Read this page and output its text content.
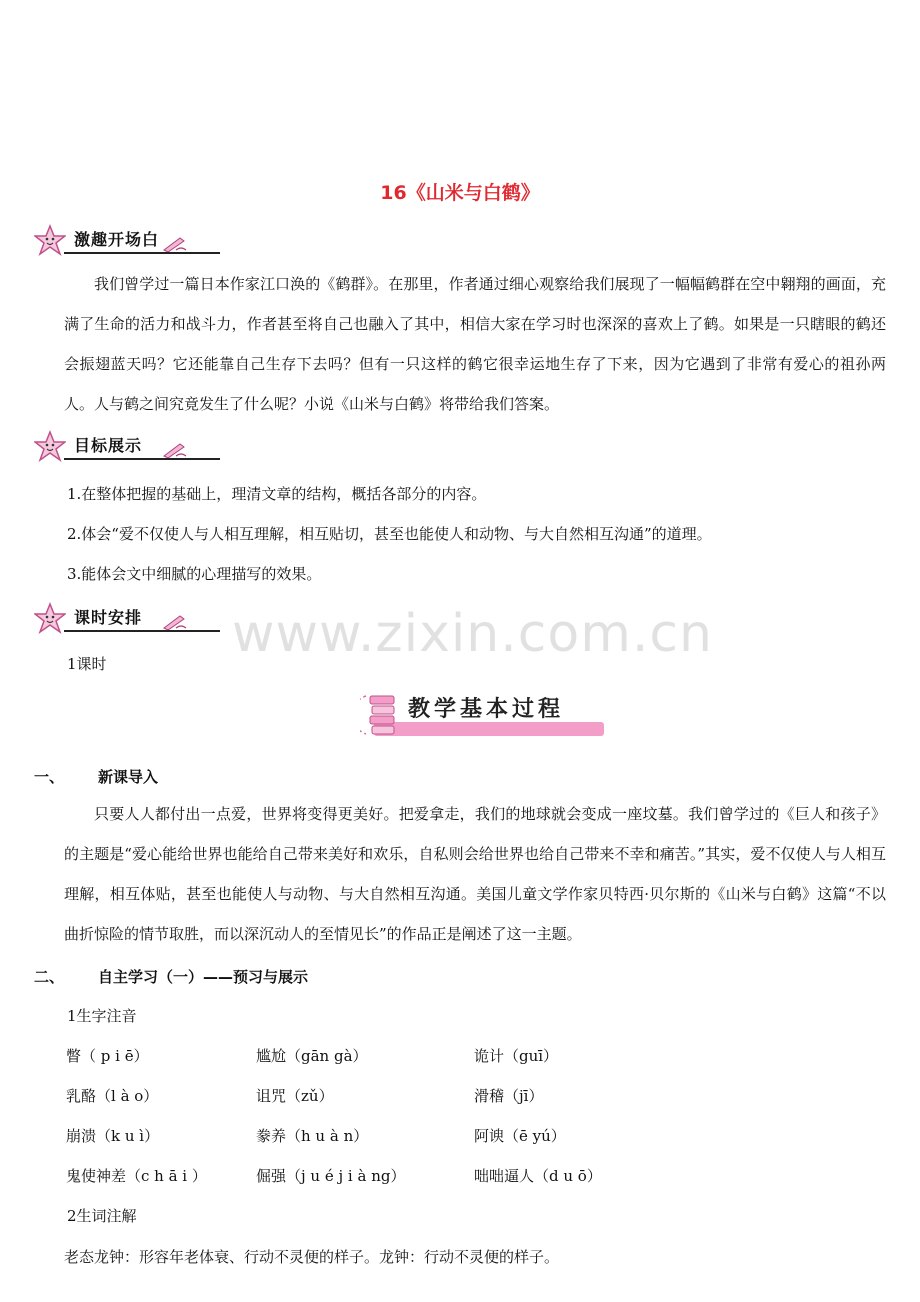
www.zixin.com.cn
16《山米与白鹤》
激趣开场白
我们曾学过一篇日本作家江口涣的《鹤群》。在那里，作者通过细心观察给我们展现了一幅幅鹤群在空中翱翔的画面，充满了生命的活力和战斗力，作者甚至将自己也融入了其中，相信大家在学习时也深深的喜欢上了鹤。如果是一只瞎眼的鹤还会振翅蓝天吗？它还能靠自己生存下去吗？但有一只这样的鹤它很幸运地生存了下来，因为它遇到了非常有爱心的祖孙两人。人与鹤之间究竟发生了什么呢？小说《山米与白鹤》将带给我们答案。
目标展示
1.在整体把握的基础上，理清文章的结构，概括各部分的内容。
2.体会“爱不仅使人与人相互理解，相互贴切，甚至也能使人和动物、与大自然相互沟通”的道理。
3.能体会文中细腻的心理描写的效果。
课时安排
1课时
教学基本过程
一、 新课导入
只要人人都付出一点爱，世界将变得更美好。把爱拿走，我们的地球就会变成一座坟墓。我们曾学过的《巨人和孩子》的主题是“爱心能给世界也能给自己带来美好和欢乐，自私则会给世界也给自己带来不幸和痛苦。”其实，爱不仅使人与人相互理解，相互体贴，甚至也能使人与动物、与大自然相互沟通。美国儿童文学作家贝特西·贝尔斯的《山米与白鹤》这篇“不以曲折惊险的情节取胜，而以深沉动人的至情见长”的作品正是阐述了这一主题。
二、 自主学习（一）——预习与展示
1生字注音
瞥（ p i ē）	尴尬（gān gà）	诡计（guī）
乳酪（l à o）	诅咒（zǔ）	滑稽（jī）
崩溃（k u ì）	豢养（h u à n）	阿谀（ē yú）
鬼使神差（c h ā i ）	倔强（j u é j i à ng）	咄咄逼人（d u ō）
2生词注解
老态龙钟：形容年老体衰、行动不灵便的样子。龙钟：行动不灵便的样子。
